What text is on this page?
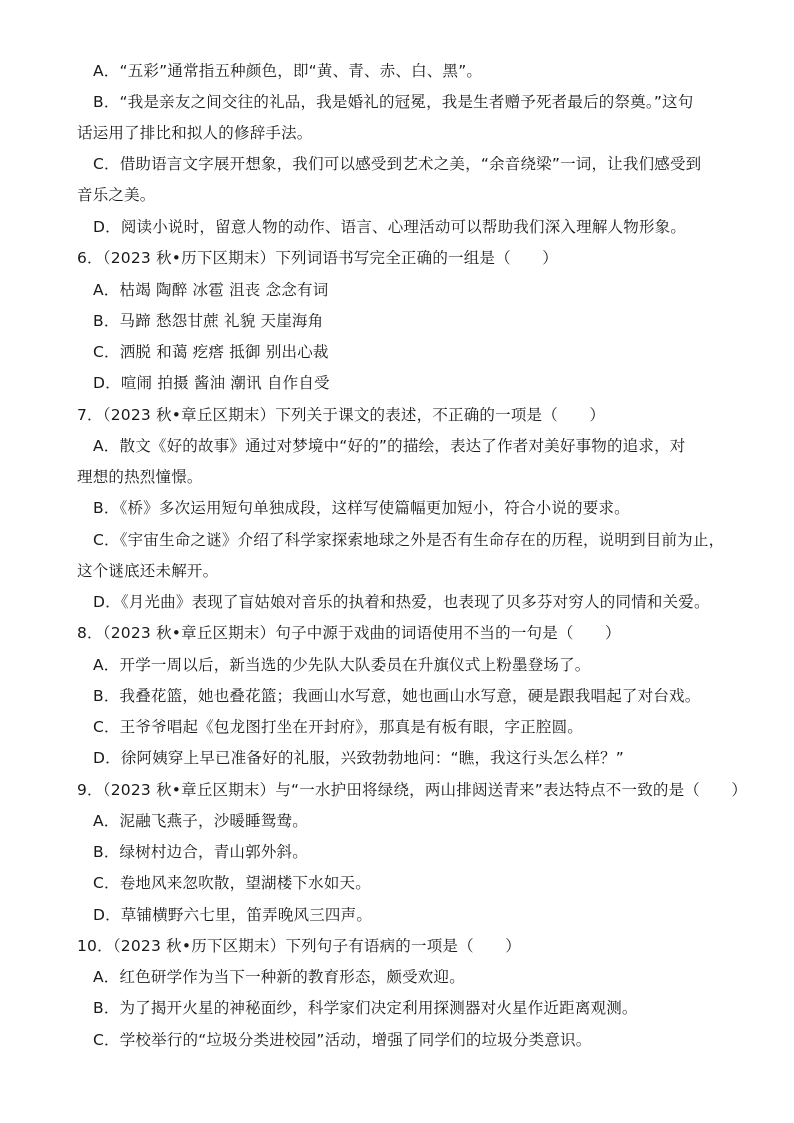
A．“五彩”通常指五种颜色，即“黄、青、赤、白、黑”。
B．“我是亲友之间交往的礼品，我是婚礼的冠冕，我是生者赠予死者最后的祭奠。”这句
话运用了排比和拟人的修辞手法。
C．借助语言文字展开想象，我们可以感受到艺术之美，“余音绕梁”一词，让我们感受到
音乐之美。
D．阅读小说时，留意人物的动作、语言、心理活动可以帮助我们深入理解人物形象。
6．（2023 秋•历下区期末）下列词语书写完全正确的一组是（　　）
A．枯竭 陶醉 冰雹 沮丧 念念有词
B．马蹄 愁怨甘蔗 礼貌 天崖海角
C．洒脱 和蔼 疙瘩 抵御 别出心裁
D．喧闹 拍摄 酱油 潮讯 自作自受
7．（2023 秋•章丘区期末）下列关于课文的表述，不正确的一项是（　　）
A．散文《好的故事》通过对梦境中“好的”的描绘，表达了作者对美好事物的追求，对
理想的热烈憧憬。
B．《桥》多次运用短句单独成段，这样写使篇幅更加短小，符合小说的要求。
C．《宇宙生命之谜》介绍了科学家探索地球之外是否有生命存在的历程，说明到目前为止，
这个谜底还未解开。
D．《月光曲》表现了盲姑娘对音乐的执着和热爱，也表现了贝多芬对穷人的同情和关爱。
8．（2023 秋•章丘区期末）句子中源于戏曲的词语使用不当的一句是（　　）
A．开学一周以后，新当选的少先队大队委员在升旗仪式上粉墨登场了。
B．我叠花篮，她也叠花篮；我画山水写意，她也画山水写意，硬是跟我唱起了对台戏。
C．王爷爷唱起《包龙图打坐在开封府》，那真是有板有眼，字正腔圆。
D．徐阿姨穿上早已准备好的礼服，兴致勃勃地问：“瞧，我这行头怎么样？”
9．（2023 秋•章丘区期末）与“一水护田将绿绕，两山排闼送青来”表达特点不一致的是（　　）
A．泥融飞燕子，沙暖睡鸳鸯。
B．绿树村边合，青山郭外斜。
C．卷地风来忽吹散，望湖楼下水如天。
D．草铺横野六七里，笛弄晚风三四声。
10．（2023 秋•历下区期末）下列句子有语病的一项是（　　）
A．红色研学作为当下一种新的教育形态，颇受欢迎。
B．为了揭开火星的神秘面纱，科学家们决定利用探测器对火星作近距离观测。
C．学校举行的“垃圾分类进校园”活动，增强了同学们的垃圾分类意识。
